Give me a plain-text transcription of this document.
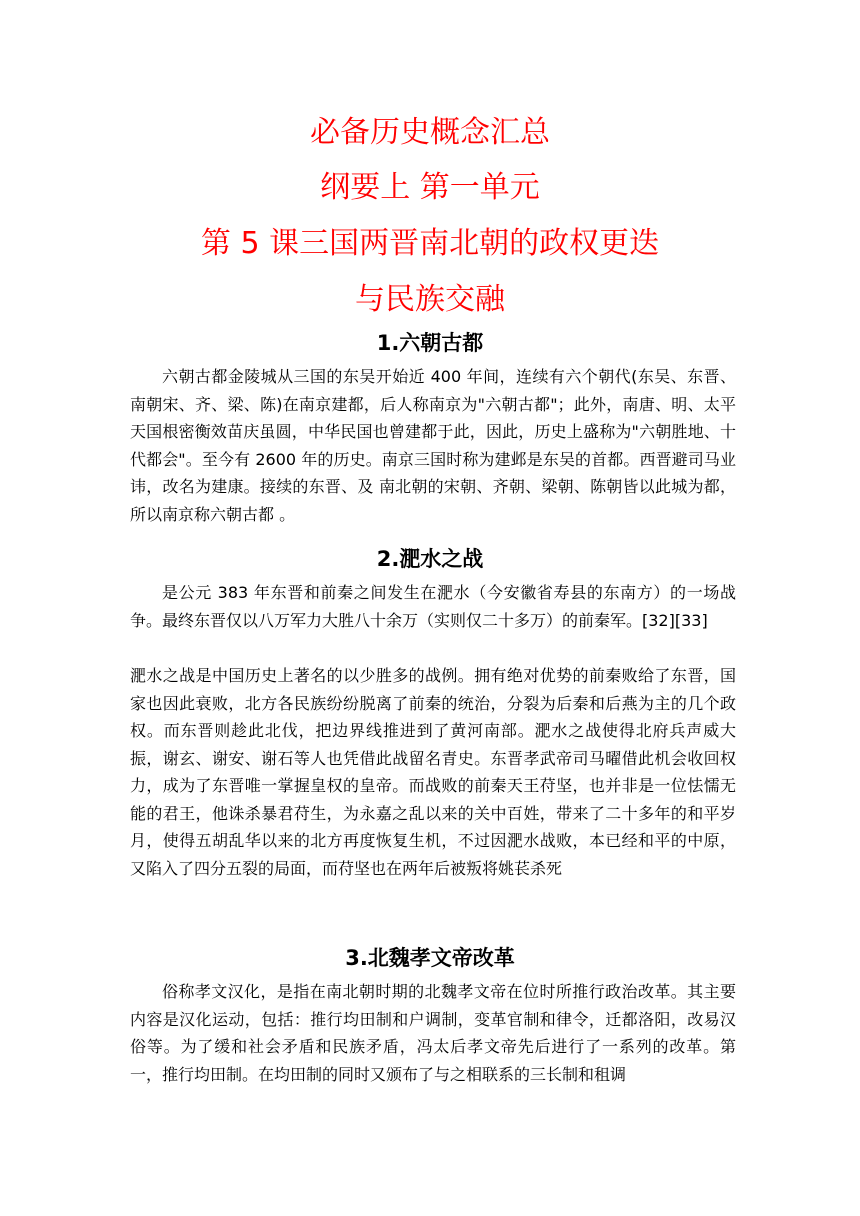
必备历史概念汇总
纲要上 第一单元
第 5 课三国两晋南北朝的政权更迭
与民族交融
1.六朝古都

六朝古都金陵城从三国的东吴开始近 400 年间，连续有六个朝代(东吴、东晋、南朝宋、齐、梁、陈)在南京建都，后人称南京为"六朝古都"；此外，南唐、明、太平天国根密衡效苗庆虽圆，中华民国也曾建都于此，因此，历史上盛称为"六朝胜地、十代都会"。至今有 2600 年的历史。南京三国时称为建邺是东吴的首都。西晋避司马业讳，改名为建康。接续的东晋、及 南北朝的宋朝、齐朝、梁朝、陈朝皆以此城为都，所以南京称六朝古都 。

2.淝水之战

是公元 383 年东晋和前秦之间发生在淝水（今安徽省寿县的东南方）的一场战争。最终东晋仅以八万军力大胜八十余万（实则仅二十多万）的前秦军。[32][33]

淝水之战是中国历史上著名的以少胜多的战例。拥有绝对优势的前秦败给了东晋，国家也因此衰败，北方各民族纷纷脱离了前秦的统治，分裂为后秦和后燕为主的几个政权。而东晋则趁此北伐，把边界线推进到了黄河南部。淝水之战使得北府兵声威大振，谢玄、谢安、谢石等人也凭借此战留名青史。东晋孝武帝司马曜借此机会收回权力，成为了东晋唯一掌握皇权的皇帝。而战败的前秦天王苻坚，也并非是一位怯懦无能的君王，他诛杀暴君苻生，为永嘉之乱以来的关中百姓，带来了二十多年的和平岁月，使得五胡乱华以来的北方再度恢复生机，不过因淝水战败，本已经和平的中原，又陷入了四分五裂的局面，而苻坚也在两年后被叛将姚苌杀死

3.北魏孝文帝改革

俗称孝文汉化，是指在南北朝时期的北魏孝文帝在位时所推行政治改革。其主要内容是汉化运动，包括：推行均田制和户调制，变革官制和律令，迁都洛阳，改易汉俗等。为了缓和社会矛盾和民族矛盾，冯太后孝文帝先后进行了一系列的改革。第一，推行均田制。在均田制的同时又颁布了与之相联系的三长制和租调
